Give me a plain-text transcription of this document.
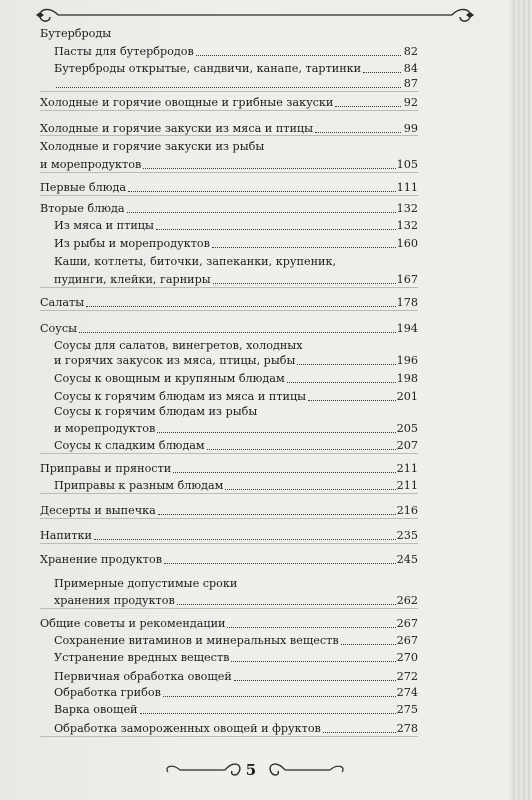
Бутерброды
Пасты для бутербродов	82
Бутерброды открытые, сандвичи, канапе, тартинки	84
87
Холодные и горячие овощные и грибные закуски	92
Холодные и горячие закуски из мяса и птицы	99
Холодные и горячие закуски из рыбы
и морепродуктов	105
Первые блюда	111
Вторые блюда	132
Из мяса и птицы	132
Из рыбы и морепродуктов	160
Каши, котлеты, биточки, запеканки, крупеник,
пудинги, клейки, гарниры	167
Салаты	178
Соусы	194
Соусы для салатов, винегретов, холодных
и горячих закусок из мяса, птицы, рыбы	196
Соусы к овощным и крупяным блюдам	198
Соусы к горячим блюдам из мяса и птицы	201
Соусы к горячим блюдам из рыбы
и морепродуктов	205
Соусы к сладким блюдам	207
Приправы и пряности	211
Приправы к разным блюдам	211
Десерты и выпечка	216
Напитки	235
Хранение продуктов	245
Примерные допустимые сроки
хранения продуктов	262
Общие советы и рекомендации	267
Сохранение витаминов и минеральных веществ	267
Устранение вредных веществ	270
Первичная обработка овощей	272
Обработка грибов	274
Варка овощей	275
Обработка замороженных овощей и фруктов	278
5
